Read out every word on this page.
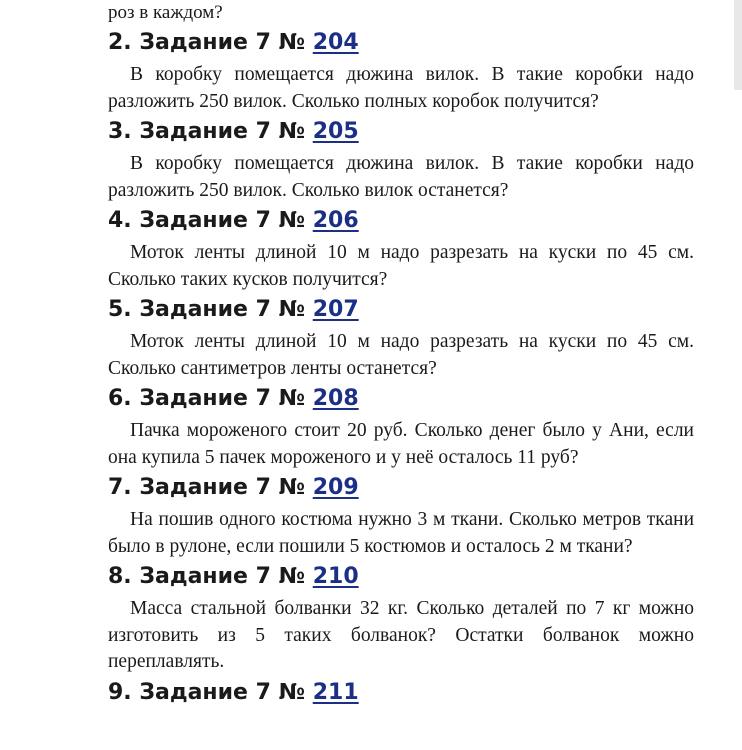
роз в каждом?

2. Задание 7 № 204

В коробку помещается дюжина вилок. В такие коробки надо разложить 250 вилок. Сколько полных коробок получится?

3. Задание 7 № 205

В коробку помещается дюжина вилок. В такие коробки надо разложить 250 вилок. Сколько вилок останется?

4. Задание 7 № 206

Моток ленты длиной 10 м надо разрезать на куски по 45 см. Сколько таких кусков получится?

5. Задание 7 № 207

Моток ленты длиной 10 м надо разрезать на куски по 45 см. Сколько сантиметров ленты останется?

6. Задание 7 № 208

Пачка мороженого стоит 20 руб. Сколько денег было у Ани, если она купила 5 пачек мороженого и у неё осталось 11 руб?

7. Задание 7 № 209

На пошив одного костюма нужно 3 м ткани. Сколько метров ткани было в рулоне, если пошили 5 костюмов и осталось 2 м ткани?

8. Задание 7 № 210

Масса стальной болванки 32 кг. Сколько деталей по 7 кг можно изготовить из 5 таких болванок? Остатки болванок можно переплавлять.

9. Задание 7 № 211
